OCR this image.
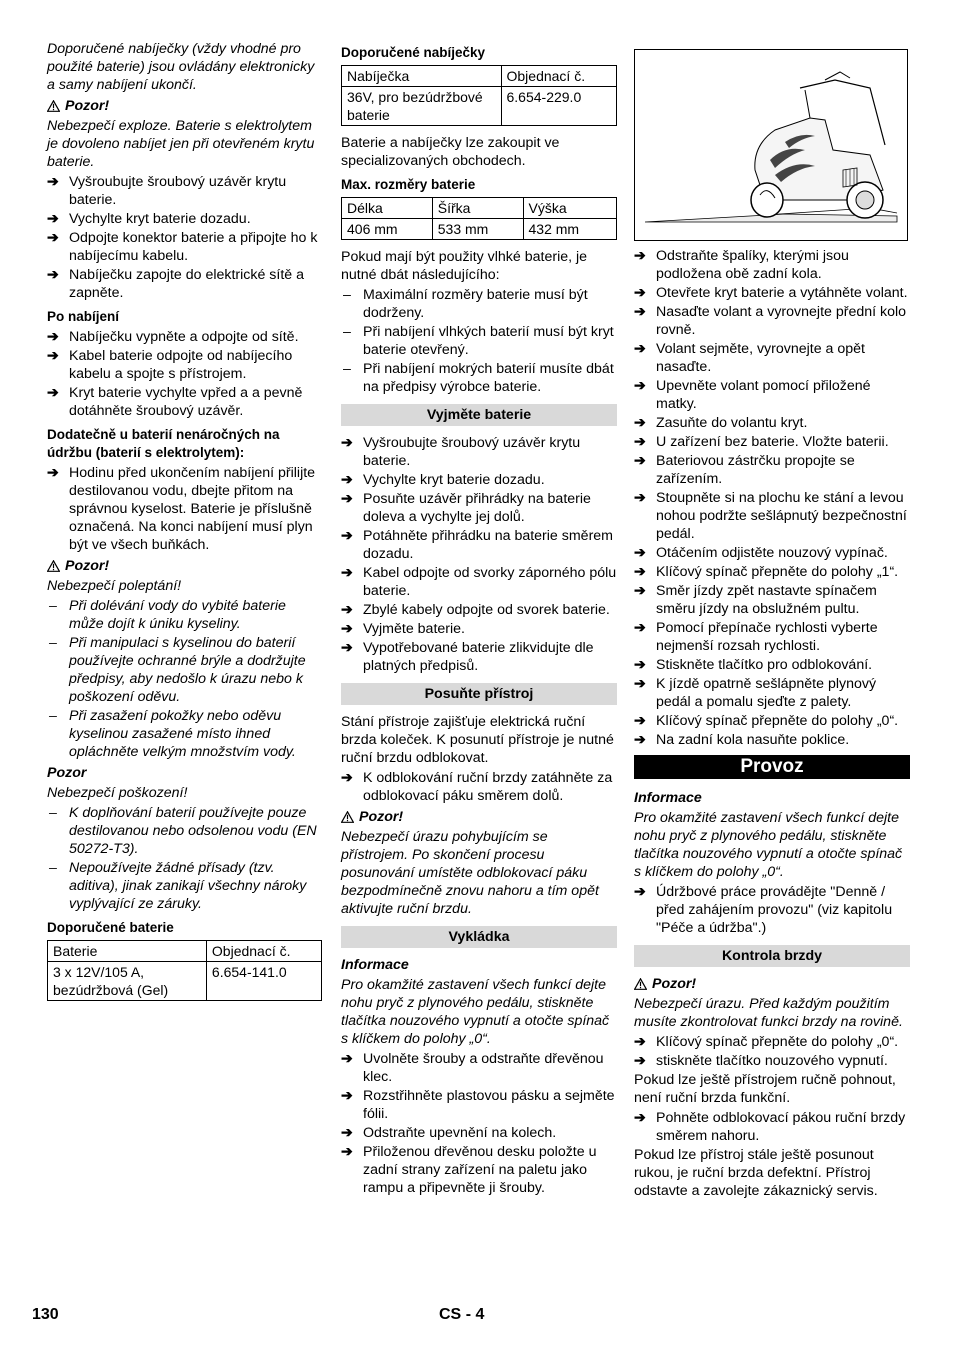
Doporučené nabíječky (vždy vhodné pro použité baterie) jsou ovládány elektronicky a samy nabíjení ukončí.

Pozor!

Nebezpečí exploze. Baterie s elektrolytem je dovoleno nabíjet jen při otevřeném krytu baterie.

➔ Vyšroubujte šroubový uzávěr krytu baterie.
➔ Vychylte kryt baterie dozadu.
➔ Odpojte konektor baterie a připojte ho k nabíjecímu kabelu.
➔ Nabíječku zapojte do elektrické sítě a zapněte.
Po nabíjení
➔ Nabíječku vypněte a odpojte od sítě.
➔ Kabel baterie odpojte od nabíjecího kabelu a spojte s přístrojem.
➔ Kryt baterie vychylte vpřed a a pevně dotáhněte šroubový uzávěr.
Dodatečně u baterií nenáročných na údržbu (baterií s elektrolytem):
➔ Hodinu před ukončením nabíjení přilijte destilovanou vodu, dbejte přitom na správnou kyselost. Baterie je příslušně označená. Na konci nabíjení musí plyn být ve všech buňkách.
Pozor!

Nebezpečí poleptání!

– Při dolévání vody do vybité baterie může dojít k úniku kyseliny.
– Při manipulaci s kyselinou do baterií používejte ochranné brýle a dodržujte předpisy, aby nedošlo k úrazu nebo k poškození oděvu.
– Při zasažení pokožky nebo oděvu kyselinou zasažené místo ihned opláchněte velkým množstvím vody.
Pozor

Nebezpečí poškození!

– K doplňování baterií používejte pouze destilovanou nebo odsolenou vodu (EN 50272-T3).
– Nepoužívejte žádné přísady (tzv. aditiva), jinak zanikají všechny nároky vyplývající ze záruky.
Doporučené baterie
Baterie	Objednací č.
3 x 12V/105 A, bezúdržbová (Gel)	6.654-141.0
Doporučené nabíječky
Nabíječka	Objednací č.
36V, pro bezúdržbové baterie	6.654-229.0

Baterie a nabíječky lze zakoupit ve specializovaných obchodech.

Max. rozměry baterie
Délka	Šířka	Výška
406 mm	533 mm	432 mm

Pokud mají být použity vlhké baterie, je nutné dbát následujícího:

– Maximální rozměry baterie musí být dodrženy.
– Při nabíjení vlhkých baterií musí být kryt baterie otevřený.
– Při nabíjení mokrých baterií musíte dbát na předpisy výrobce baterie.
Vyjměte baterie
➔ Vyšroubujte šroubový uzávěr krytu baterie.
➔ Vychylte kryt baterie dozadu.
➔ Posuňte uzávěr přihrádky na baterie doleva a vychylte jej dolů.
➔ Potáhněte přihrádku na baterie směrem dozadu.
➔ Kabel odpojte od svorky záporného pólu baterie.
➔ Zbylé kabely odpojte od svorek baterie.
➔ Vyjměte baterie.
➔ Vypotřebované baterie zlikvidujte dle platných předpisů.
Posuňte přístroj

Stání přístroje zajišťuje elektrická ruční brzda koleček. K posunutí přístroje je nutné ruční brzdu odblokovat.

➔ K odblokování ruční brzdy zatáhněte za odblokovací páku směrem dolů.
Pozor!

Nebezpečí úrazu pohybujícím se přístrojem. Po skončení procesu posunování umístěte odblokovací páku bezpodmínečně znovu nahoru a tím opět aktivujte ruční brzdu.

Vykládka
Informace

Pro okamžité zastavení všech funkcí dejte nohu pryč z plynového pedálu, stiskněte tlačítka nouzového vypnutí a otočte spínač s klíčkem do polohy „0“.

➔ Uvolněte šrouby a odstraňte dřevěnou klec.
➔ Rozstřihněte plastovou pásku a sejměte fólii.
➔ Odstraňte upevnění na kolech.
➔ Přiloženou dřevěnou desku položte u zadní strany zařízení na paletu jako rampu a připevněte ji šrouby.
➔ Odstraňte špalíky, kterými jsou podložena obě zadní kola.
➔ Otevřete kryt baterie a vytáhněte volant.
➔ Nasaďte volant a vyrovnejte přední kolo rovně.
➔ Volant sejměte, vyrovnejte a opět nasaďte.
➔ Upevněte volant pomocí přiložené matky.
➔ Zasuňte do volantu kryt.
➔ U zařízení bez baterie. Vložte baterii.
➔ Bateriovou zástrčku propojte se zařízením.
➔ Stoupněte si na plochu ke stání a levou nohou podržte sešlápnutý bezpečnostní pedál.
➔ Otáčením odjistěte nouzový vypínač.
➔ Klíčový spínač přepněte do polohy „1“.
➔ Směr jízdy zpět nastavte spínačem směru jízdy na obslužném pultu.
➔ Pomocí přepínače rychlosti vyberte nejmenší rozsah rychlosti.
➔ Stiskněte tlačítko pro odblokování.
➔ K jízdě opatrně sešlápněte plynový pedál a pomalu sjeďte z palety.
➔ Klíčový spínač přepněte do polohy „0“.
➔ Na zadní kola nasuňte poklice.
Provoz
Informace

Pro okamžité zastavení všech funkcí dejte nohu pryč z plynového pedálu, stiskněte tlačítka nouzového vypnutí a otočte spínač s klíčkem do polohy „0“.

➔ Údržbové práce provádějte "Denně / před zahájením provozu" (viz kapitolu "Péče a údržba".)
Kontrola brzdy
Pozor!

Nebezpečí úrazu. Před každým použitím musíte zkontrolovat funkci brzdy na rovině.

➔ Klíčový spínač přepněte do polohy „0“.
➔ stiskněte tlačítko nouzového vypnutí.

Pokud lze ještě přístrojem ručně pohnout, není ruční brzda funkční.

➔ Pohněte odblokovací pákou ruční brzdy směrem nahoru.

Pokud lze přístroj stále ještě posunout rukou, je ruční brzda defektní. Přístroj odstavte a zavolejte zákaznický servis.

130	CS - 4
